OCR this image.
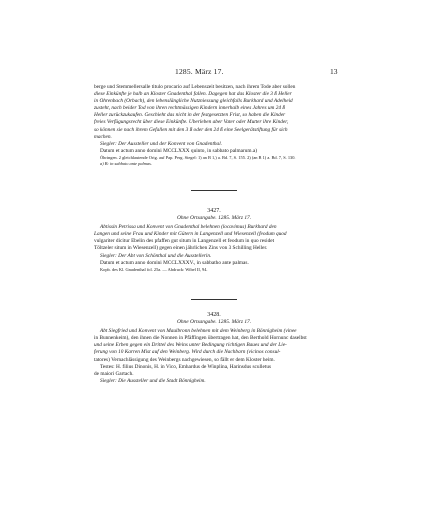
1285. März 17.	13
berge und Stemmellersalle titulo procario auf Lebenszeit besitzen, nach ihrem Tode aber sollen
diese Einkünfte je halb an Kloster Gnadenthal fallen. Dagegen hat das Kloster die 3 ß Heller
in Ohrenbach (Orbach), den lebenslängliche Nutzniessung gleichfalls Burkhard und Adelheid
zusteht, nach beider Tod von ihren rechtmässigen Kindern innerhalb eines Jahres um 24 ß
Heller zurückzukaufen. Geschieht das nicht in der festgesetzten Frist, so haben die Kinder
freies Verfügungsrecht über diese Einkünfte. Überleben aber Vater oder Mutter ihre Kinder,
so können sie nach ihrem Gefallen mit den 3 ß oder den 24 ß eine Seelgerätstiftung für sich
machen.
Siegler: Der Aussteller und der Konvent von Gnadenthal.
Datum et actum anno domini MCCLXXX quinto, in sabbato palmarum.a)
Öhringen. 2 gleichlautende Orig. auf Pap. Perg. Siegel: 1) an B 1,) a. Bd. 7, S. 155. 2) (an B 1) a. Bd. 7, S. 130.
a) B: in sabbato ante palmas.
3427.
Ohne Ortsangabe. 1285. März 17.
Äbtissin Petrissa und Konvent von Gnadenthal belehnen (locavimus) Burkhard den
Langen und seine Frau und Kinder mit Gütern in Langenzell und Wiesenzell (feodum quod
vulgariter dicitur Ebelin des pfaffen gut situm in Langenzell et feodum in quo residet
Töltzeler situm in Wiesenzell) gegen einen jährlichen Zins von 3 Schilling Heller.
Siegler: Der Abt von Schönthal und die Ausstellerin.
Datum et actum anno domini MCCLXXXV., in sabbatho ante palmas.
Kopb. des Kl. Gnadenthal fol. 25a. — Abdruck: Wibel II, 94.
3428.
Ohne Ortsangabe. 1285. März 17.
Abt Siegfried und Konvent von Maulbronn belehnen mit dem Weinberg in Bönnigheim (vinee
in Bunnenkeim), den ihnen die Nonnen in Pfäffingen übertragen hat, den Berthold Hornunc daselbst
und seine Erben gegen ein Drittel des Weins unter Bedingung richtigen Baues und der Lie-
ferung von 10 Karren Mist auf den Weinberg. Wird durch die Nachbarn (vicinos consul-
tatores) Vernachlässigung des Weinbergs nachgewiesen, so fällt er dem Kloster heim.
Testes: H. filius Dinonis, H. in Vico, Emhardus de Winplina, Harinsdus sculletus
de maiori Gartach.
Siegler: Die Aussteller und die Stadt Bönnigheim.
